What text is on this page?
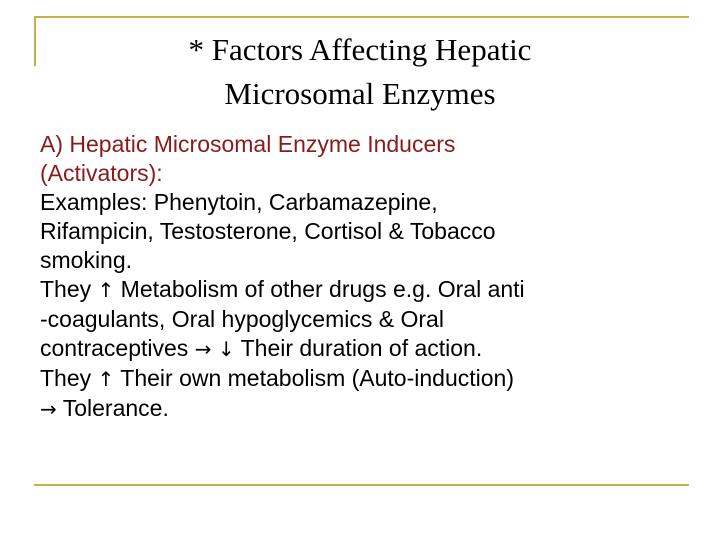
* Factors Affecting Hepatic
Microsomal Enzymes

A) Hepatic Microsomal Enzyme Inducers
(Activators):

Examples: Phenytoin, Carbamazepine,
Rifampicin, Testosterone, Cortisol & Tobacco
smoking.

They ↑ Metabolism of other drugs e.g. Oral anti
-coagulants, Oral hypoglycemics & Oral
contraceptives → ↓ Their duration of action.

They ↑ Their own metabolism (Auto-induction)
→ Tolerance.
